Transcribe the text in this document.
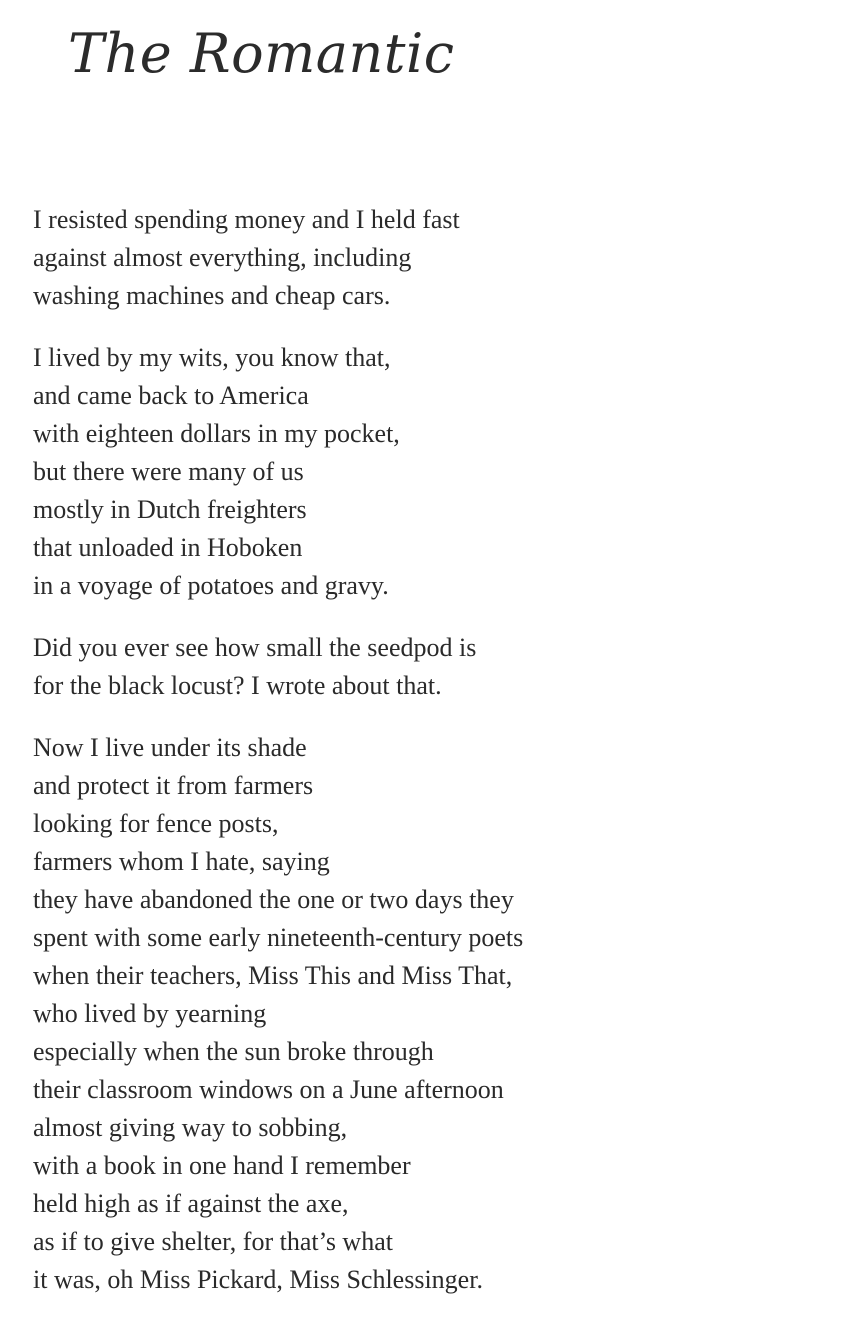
The Romantic
I resisted spending money and I held fast
against almost everything, including
washing machines and cheap cars.
I lived by my wits, you know that,
and came back to America
with eighteen dollars in my pocket,
but there were many of us
mostly in Dutch freighters
that unloaded in Hoboken
in a voyage of potatoes and gravy.
Did you ever see how small the seedpod is
for the black locust? I wrote about that.
Now I live under its shade
and protect it from farmers
looking for fence posts,
farmers whom I hate, saying
they have abandoned the one or two days they
spent with some early nineteenth-century poets
when their teachers, Miss This and Miss That,
who lived by yearning
especially when the sun broke through
their classroom windows on a June afternoon
almost giving way to sobbing,
with a book in one hand I remember
held high as if against the axe,
as if to give shelter, for that’s what
it was, oh Miss Pickard, Miss Schlessinger.
